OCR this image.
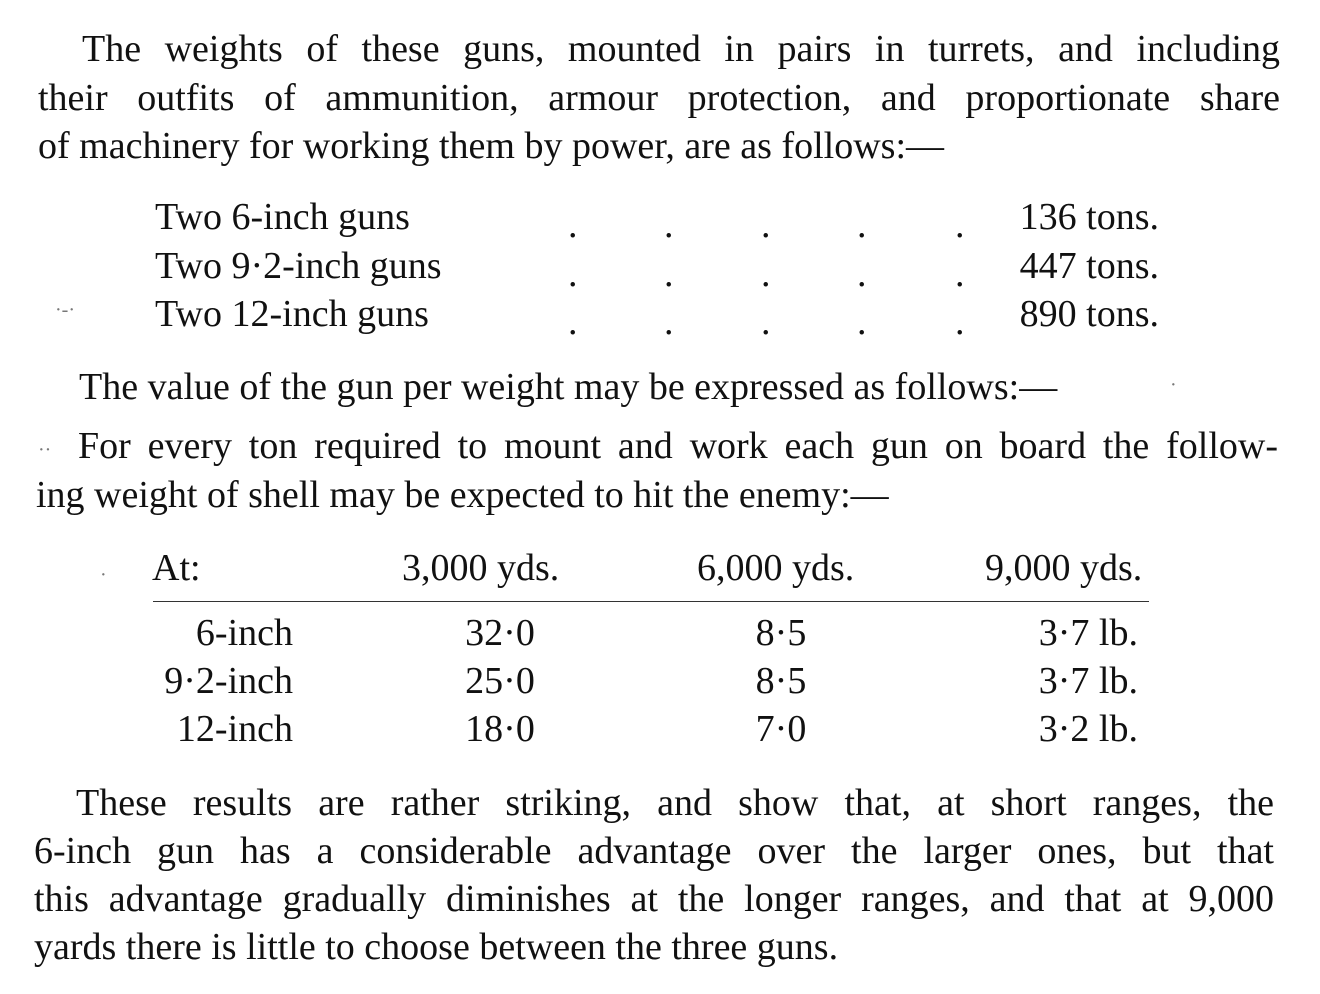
The weights of these guns, mounted in pairs in turrets, and including
their outfits of ammunition, armour protection, and proportionate share
of machinery for working them by power, are as follows:—
Two 6-inch guns	. . . . . 136 tons.
Two 9·2-inch guns	. . . . . 447 tons.
Two 12-inch guns	. . . . . 890 tons.
·-·
··
·
·
The value of the gun per weight may be expressed as follows:—
For every ton required to mount and work each gun on board the follow-
ing weight of shell may be expected to hit the enemy:—
At:	3,000 yds.	6,000 yds.	9,000 yds.
6-inch	32·0	8·5	3·7 lb.
9·2-inch	25·0	8·5	3·7 lb.
12-inch	18·0	7·0	3·2 lb.
These results are rather striking, and show that, at short ranges, the
6-inch gun has a considerable advantage over the larger ones, but that
this advantage gradually diminishes at the longer ranges, and that at 9,000
yards there is little to choose between the three guns.
